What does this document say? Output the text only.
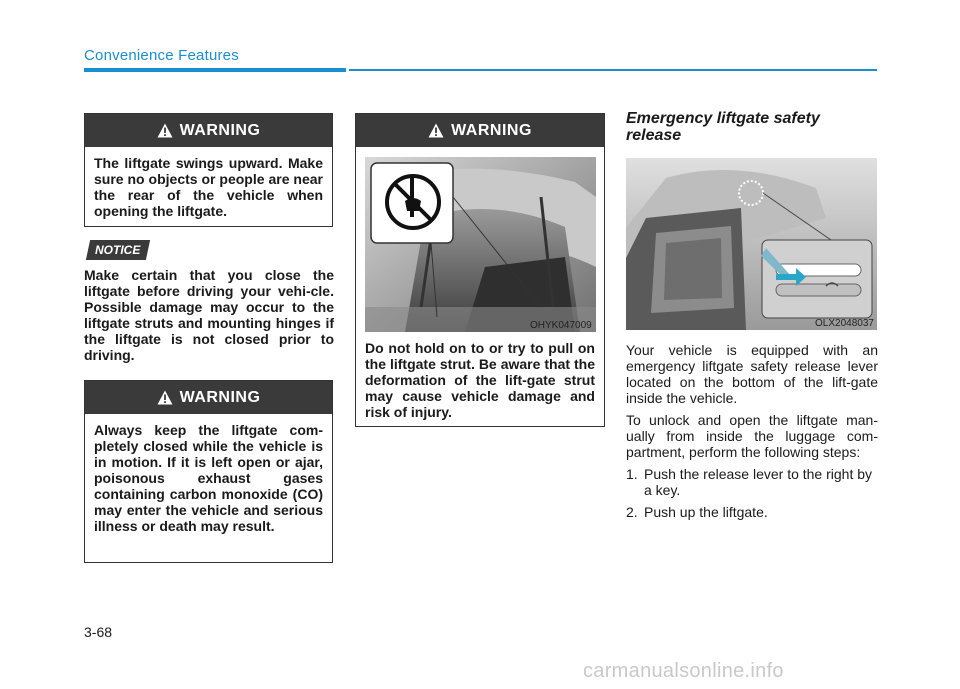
Convenience Features
WARNING
The liftgate swings upward. Make sure no objects or people are near the rear of the vehicle when opening the liftgate.
NOTICE
Make certain that you close the liftgate before driving your vehi-cle. Possible damage may occur to the liftgate struts and mounting hinges if the liftgate is not closed prior to driving.
WARNING
Always keep the liftgate com-pletely closed while the vehicle is in motion. If it is left open or ajar, poisonous exhaust gases containing carbon monoxide (CO) may enter the vehicle and serious illness or death may result.
WARNING
OHYK047009
Do not hold on to or try to pull on the liftgate strut. Be aware that the deformation of the lift-gate strut may cause vehicle damage and risk of injury.
Emergency liftgate safety release
OLX2048037

Your vehicle is equipped with an emergency liftgate safety release lever located on the bottom of the lift-gate inside the vehicle.

To unlock and open the liftgate man-ually from inside the luggage com-partment, perform the following steps:

1. Push the release lever to the right by a key.
2. Push up the liftgate.
3-68
carmanualsonline.info
